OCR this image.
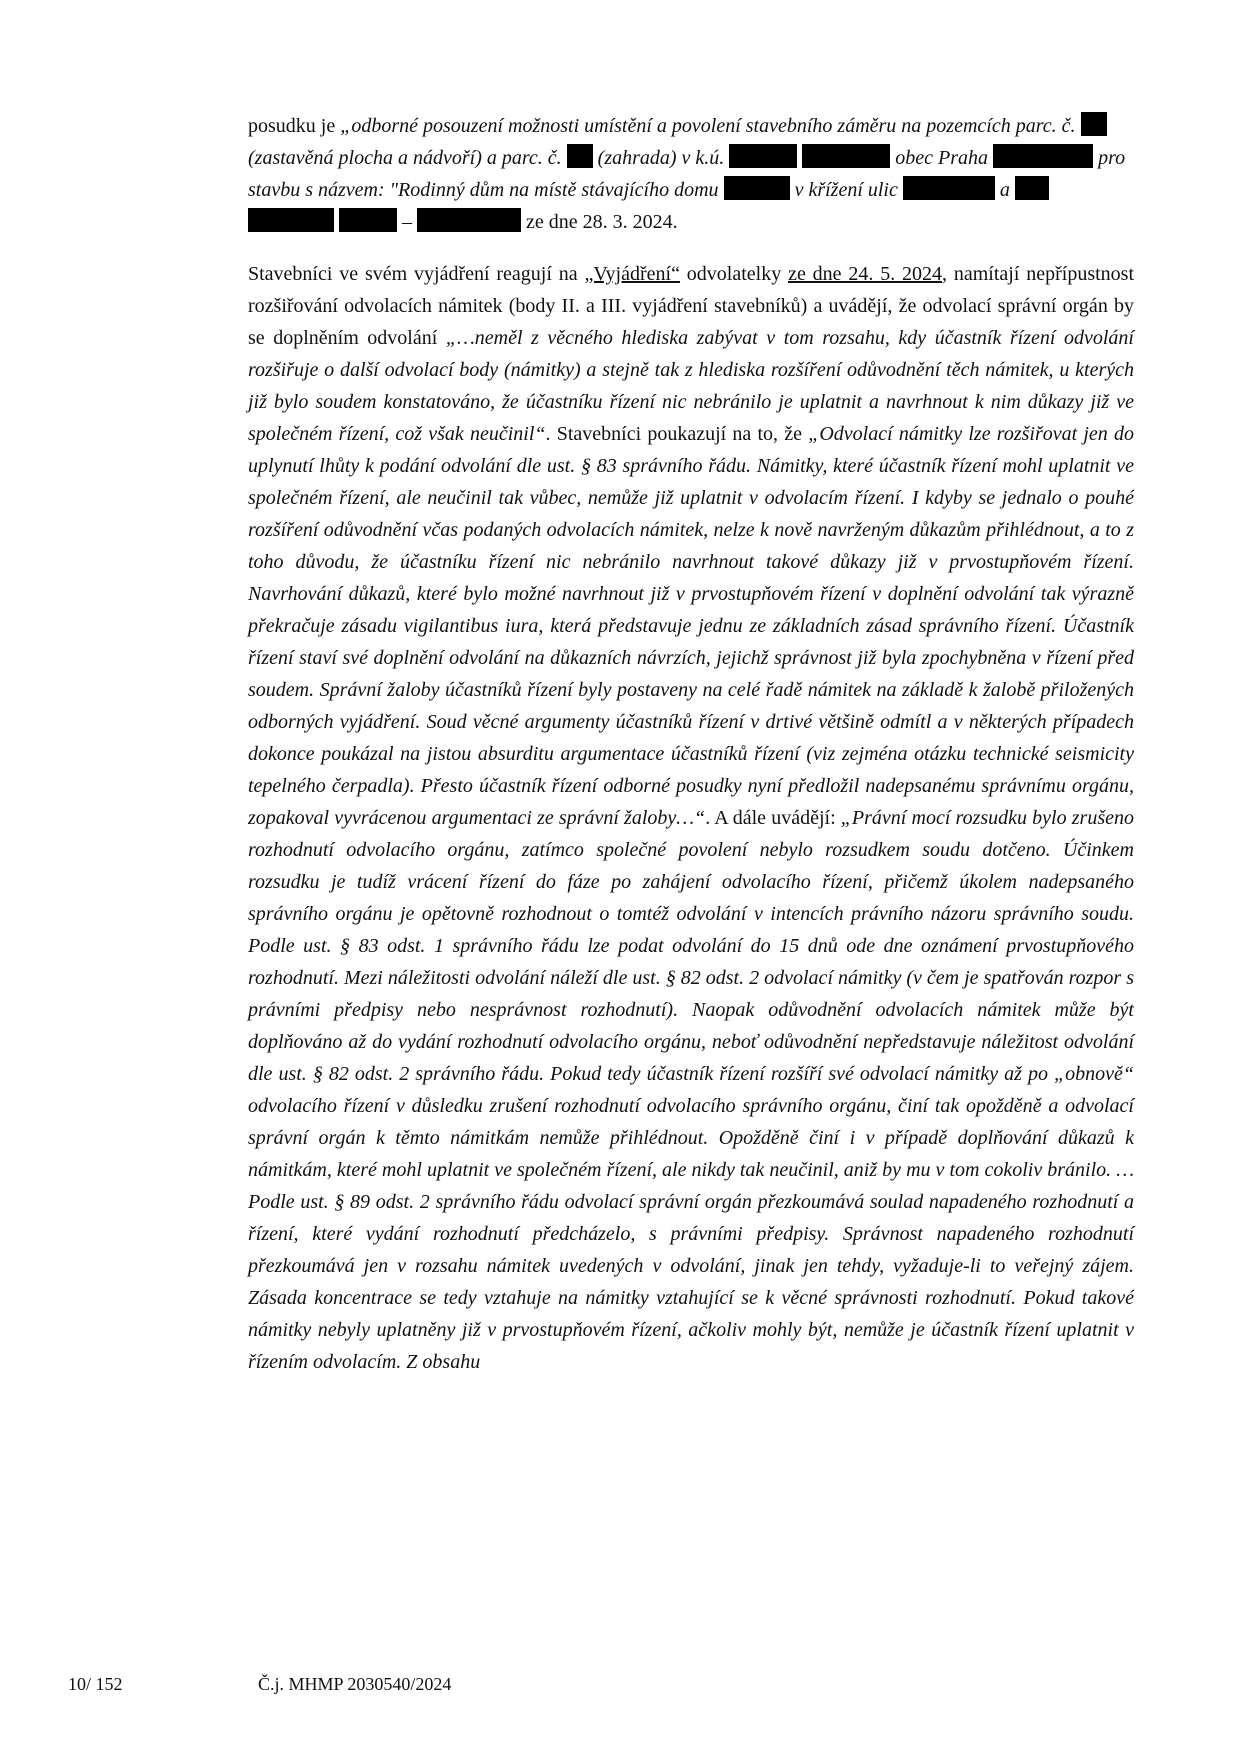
posudku je „odborné posouzení možnosti umístění a povolení stavebního záměru na pozemcích parc. č.  (zastavěná plocha a nádvoří) a parc. č.  (zahrada) v k.ú.	obec Praha	pro stavbu s názvem: "Rodinný dům na místě stávajícího domu	v křížení ulic	a    –	ze dne 28. 3. 2024.

Stavebníci ve svém vyjádření reagují na „Vyjádření“ odvolatelky ze dne 24. 5. 2024, namítají nepřípustnost rozšiřování odvolacích námitek (body II. a III. vyjádření stavebníků) a uvádějí, že odvolací správní orgán by se doplněním odvolání „…neměl z věcného hlediska zabývat v tom rozsahu, kdy účastník řízení odvolání rozšiřuje o další odvolací body (námitky) a stejně tak z hlediska rozšíření odůvodnění těch námitek, u kterých již bylo soudem konstatováno, že účastníku řízení nic nebránilo je uplatnit a navrhnout k nim důkazy již ve společném řízení, což však neučinil“. Stavebníci poukazují na to, že „Odvolací námitky lze rozšiřovat jen do uplynutí lhůty k podání odvolání dle ust. § 83 správního řádu. Námitky, které účastník řízení mohl uplatnit ve společném řízení, ale neučinil tak vůbec, nemůže již uplatnit v odvolacím řízení. I kdyby se jednalo o pouhé rozšíření odůvodnění včas podaných odvolacích námitek, nelze k nově navrženým důkazům přihlédnout, a to z toho důvodu, že účastníku řízení nic nebránilo navrhnout takové důkazy již v prvostupňovém řízení. Navrhování důkazů, které bylo možné navrhnout již v prvostupňovém řízení v doplnění odvolání tak výrazně překračuje zásadu vigilantibus iura, která představuje jednu ze základních zásad správního řízení. Účastník řízení staví své doplnění odvolání na důkazních návrzích, jejichž správnost již byla zpochybněna v řízení před soudem. Správní žaloby účastníků řízení byly postaveny na celé řadě námitek na základě k žalobě přiložených odborných vyjádření. Soud věcné argumenty účastníků řízení v drtivé většině odmítl a v některých případech dokonce poukázal na jistou absurditu argumentace účastníků řízení (viz zejména otázku technické seismicity tepelného čerpadla). Přesto účastník řízení odborné posudky nyní předložil nadepsanému správnímu orgánu, zopakoval vyvrácenou argumentaci ze správní žaloby…“. A dále uvádějí: „Právní mocí rozsudku bylo zrušeno rozhodnutí odvolacího orgánu, zatímco společné povolení nebylo rozsudkem soudu dotčeno. Účinkem rozsudku je tudíž vrácení řízení do fáze po zahájení odvolacího řízení, přičemž úkolem nadepsaného správního orgánu je opětovně rozhodnout o tomtéž odvolání v intencích právního názoru správního soudu. Podle ust. § 83 odst. 1 správního řádu lze podat odvolání do 15 dnů ode dne oznámení prvostupňového rozhodnutí. Mezi náležitosti odvolání náleží dle ust. § 82 odst. 2 odvolací námitky (v čem je spatřován rozpor s právními předpisy nebo nesprávnost rozhodnutí). Naopak odůvodnění odvolacích námitek může být doplňováno až do vydání rozhodnutí odvolacího orgánu, neboť odůvodnění nepředstavuje náležitost odvolání dle ust. § 82 odst. 2 správního řádu. Pokud tedy účastník řízení rozšíří své odvolací námitky až po „obnově“ odvolacího řízení v důsledku zrušení rozhodnutí odvolacího správního orgánu, činí tak opožděně a odvolací správní orgán k těmto námitkám nemůže přihlédnout. Opožděně činí i v případě doplňování důkazů k námitkám, které mohl uplatnit ve společném řízení, ale nikdy tak neučinil, aniž by mu v tom cokoliv bránilo. … Podle ust. § 89 odst. 2 správního řádu odvolací správní orgán přezkoumává soulad napadeného rozhodnutí a řízení, které vydání rozhodnutí předcházelo, s právními předpisy. Správnost napadeného rozhodnutí přezkoumává jen v rozsahu námitek uvedených v odvolání, jinak jen tehdy, vyžaduje-li to veřejný zájem. Zásada koncentrace se tedy vztahuje na námitky vztahující se k věcné správnosti rozhodnutí. Pokud takové námitky nebyly uplatněny již v prvostupňovém řízení, ačkoliv mohly být, nemůže je účastník řízení uplatnit v řízením odvolacím. Z obsahu

10/ 152	Č.j. MHMP 2030540/2024
